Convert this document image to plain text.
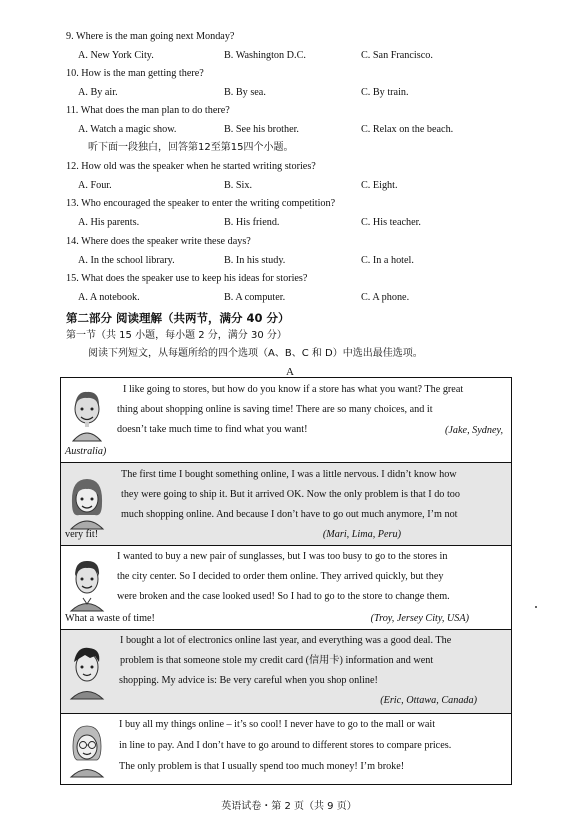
9. Where is the man going next Monday?
A. New York City.	B. Washington D.C.	C. San Francisco.
10. How is the man getting there?
A. By air.	B. By sea.	C. By train.
11. What does the man plan to do there?
A. Watch a magic show.	B. See his brother.	C. Relax on the beach.
听下面一段独白，回答第12至第15四个小题。
12. How old was the speaker when he started writing stories?
A. Four.	B. Six.	C. Eight.
13. Who encouraged the speaker to enter the writing competition?
A. His parents.	B. His friend.	C. His teacher.
14. Where does the speaker write these days?
A. In the school library.	B. In his study.	C. In a hotel.
15. What does the speaker use to keep his ideas for stories?
A. A notebook.	B. A computer.	C. A phone.
第二部分 阅读理解（共两节，满分 40 分）
第一节（共 15 小题，每小题 2 分，满分 30 分）
阅读下列短文，从每题所给的四个选项（A、B、C 和 D）中选出最佳选项。
A
I like going to stores, but how do you know if a store has what you want? The great
thing about shopping online is saving time! There are so many choices, and it
doesn’t take much time to find what you want!	(Jake, Sydney,
Australia)
The first time I bought something online, I was a little nervous. I didn’t know how
they were going to ship it. But it arrived OK. Now the only problem is that I do too
much shopping online. And because I don’t have to go out much anymore, I’m not
very fit!	(Mari, Lima, Peru)
I wanted to buy a new pair of sunglasses, but I was too busy to go to the stores in
the city center. So I decided to order them online. They arrived quickly, but they
were broken and the case looked used! So I had to go to the store to change them.
What a waste of time!	(Troy, Jersey City, USA)
I bought a lot of electronics online last year, and everything was a good deal. The
problem is that someone stole my credit card (信用卡) information and went
shopping. My advice is: Be very careful when you shop online!
(Eric, Ottawa, Canada)
I buy all my things online – it’s so cool! I never have to go to the mall or wait
in line to pay. And I don’t have to go around to different stores to compare prices.
The only problem is that I usually spend too much money! I’m broke!
英语试卷・第 2 页（共 9 页）
